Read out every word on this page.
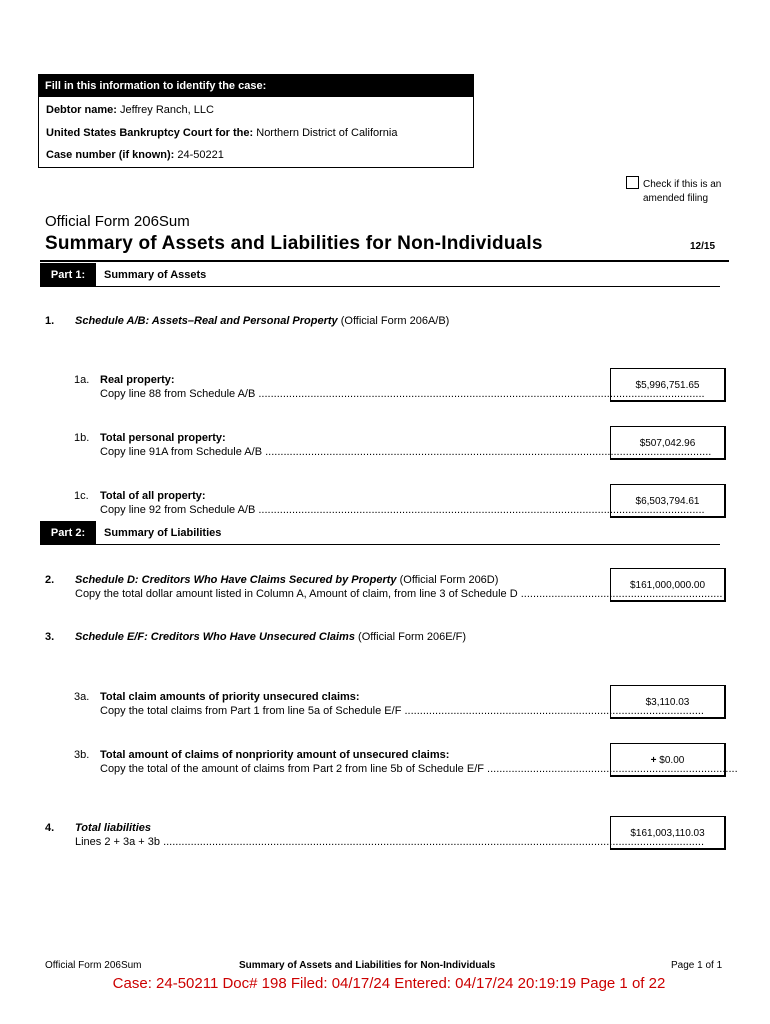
Fill in this information to identify the case:
Debtor name: Jeffrey Ranch, LLC
United States Bankruptcy Court for the: Northern District of California
Case number (if known): 24-50221
Check if this is an amended filing
Official Form 206Sum
Summary of Assets and Liabilities for Non-Individuals	12/15
Part 1:	Summary of Assets
1. Schedule A/B: Assets–Real and Personal Property (Official Form 206A/B)
1a. Real property:
Copy line 88 from Schedule A/B ..................................................................................................................................................
$5,996,751.65
1b. Total personal property:
Copy line 91A from Schedule A/B ..................................................................................................................................................
$507,042.96
1c. Total of all property:
Copy line 92 from Schedule A/B ..................................................................................................................................................
$6,503,794.61
Part 2:	Summary of Liabilities
2. Schedule D: Creditors Who Have Claims Secured by Property (Official Form 206D)
Copy the total dollar amount listed in Column A, Amount of claim, from line 3 of Schedule D ..................................................................
$161,000,000.00
3. Schedule E/F: Creditors Who Have Unsecured Claims (Official Form 206E/F)
3a. Total claim amounts of priority unsecured claims:
Copy the total claims from Part 1 from line 5a of Schedule E/F ..................................................................................................
$3,110.03
3b. Total amount of claims of nonpriority amount of unsecured claims:
Copy the total of the amount of claims from Part 2 from line 5b of Schedule E/F ..................................................................................
+ $0.00
4. Total liabilities
Lines 2 + 3a + 3b .................................................................................................................................................................................
$161,003,110.03
Official Form 206Sum	Summary of Assets and Liabilities for Non-Individuals	Page 1 of 1
Case: 24-50211 Doc# 198 Filed: 04/17/24 Entered: 04/17/24 20:19:19 Page 1 of 22
